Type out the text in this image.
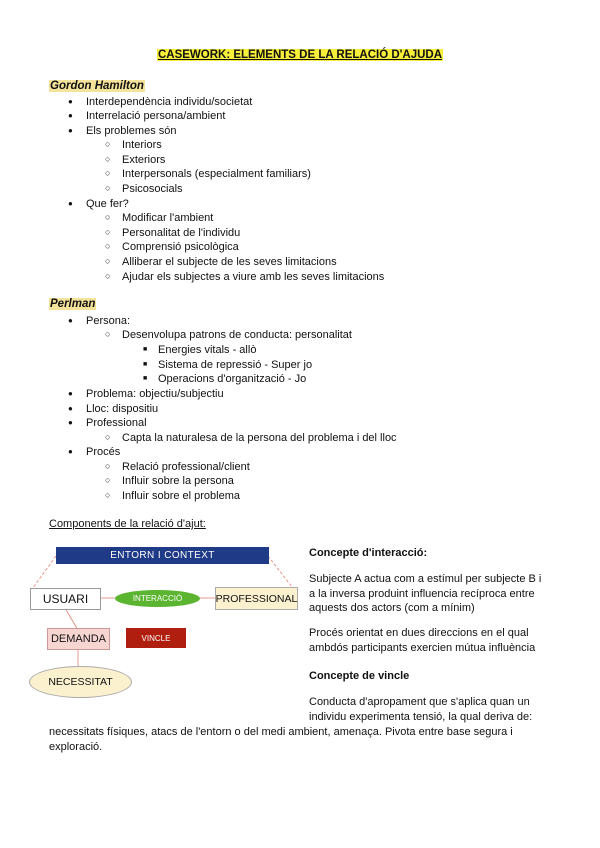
CASEWORK: ELEMENTS DE LA RELACIÓ D'AJUDA
Gordon Hamilton
● Interdependència individu/societat
● Interrelació persona/ambient
● Els problemes són
○ Interiors
○ Exteriors
○ Interpersonals (especialment familiars)
○ Psicosocials
● Que fer?
○ Modificar l'ambient
○ Personalitat de l'individu
○ Comprensió psicològica
○ Alliberar el subjecte de les seves limitacions
○ Ajudar els subjectes a viure amb les seves limitacions
Perlman
● Persona:
○ Desenvolupa patrons de conducta: personalitat
■ Energies vitals - allò
■ Sistema de repressió - Super jo
■ Operacions d'organització - Jo
● Problema: objectiu/subjectiu
● Lloc: dispositiu
● Professional
○ Capta la naturalesa de la persona del problema i del lloc
● Procés
○ Relació professional/client
○ Influir sobre la persona
○ Influir sobre el problema
Components de la relació d'ajut:
ENTORN I CONTEXT
USUARI	INTERACCIÓ	PROFESSIONAL
DEMANDA	VINCLE
NECESSITAT
Concepte d'interacció:
Subjecte A actua com a estímul per subjecte B i
a la inversa produint influencia recíproca entre
aquests dos actors (com a mínim)
Procés orientat en dues direccions en el qual
ambdós participants exercien mútua influència
Concepte de vincle
Conducta d'apropament que s'aplica quan un
individu experimenta tensió, la qual deriva de:
necessitats físiques, atacs de l'entorn o del medi ambient, amenaça. Pivota entre base segura i
exploració.
